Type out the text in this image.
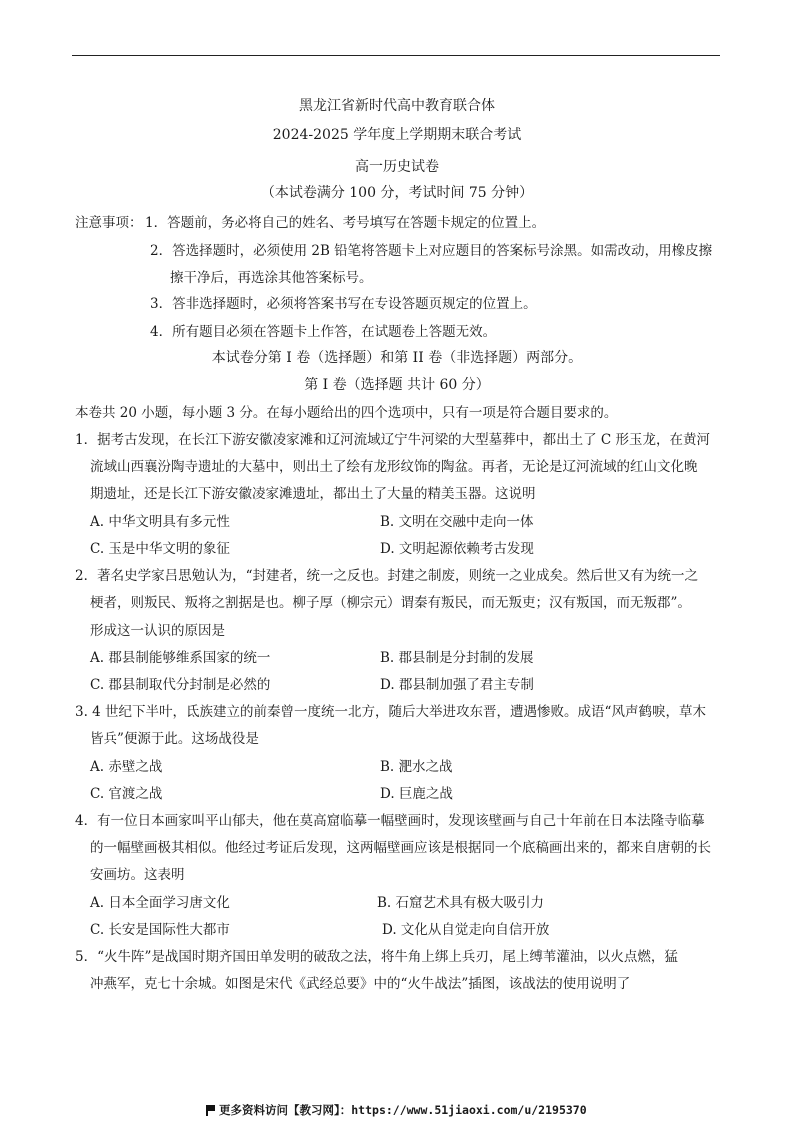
黑龙江省新时代高中教育联合体
2024-2025 学年度上学期期末联合考试
高一历史试卷
（本试卷满分 100 分，考试时间 75 分钟）
注意事项： 1．答题前，务必将自己的姓名、考号填写在答题卡规定的位置上。
2．答选择题时，必须使用 2B 铅笔将答题卡上对应题目的答案标号涂黑。如需改动，用橡皮擦
擦干净后，再选涂其他答案标号。
3．答非选择题时，必须将答案书写在专设答题页规定的位置上。
4．所有题目必须在答题卡上作答，在试题卷上答题无效。
本试卷分第 I 卷（选择题）和第 II 卷（非选择题）两部分。
第 I 卷（选择题 共计 60 分）
本卷共 20 小题，每小题 3 分。在每小题给出的四个选项中，只有一项是符合题目要求的。
1．据考古发现，在长江下游安徽凌家滩和辽河流域辽宁牛河梁的大型墓葬中，都出土了 C 形玉龙，在黄河
流域山西襄汾陶寺遗址的大墓中，则出土了绘有龙形纹饰的陶盆。再者，无论是辽河流域的红山文化晚
期遗址，还是长江下游安徽凌家滩遗址，都出土了大量的精美玉器。这说明
A. 中华文明具有多元性	B. 文明在交融中走向一体
C. 玉是中华文明的象征	D. 文明起源依赖考古发现
2．著名史学家吕思勉认为，“封建者，统一之反也。封建之制废，则统一之业成矣。然后世又有为统一之
梗者，则叛民、叛将之割据是也。柳子厚（柳宗元）谓秦有叛民，而无叛吏；汉有叛国，而无叛郡”。
形成这一认识的原因是
A. 郡县制能够维系国家的统一	B. 郡县制是分封制的发展
C. 郡县制取代分封制是必然的	D. 郡县制加强了君主专制
3. 4 世纪下半叶，氐族建立的前秦曾一度统一北方，随后大举进攻东晋，遭遇惨败。成语“风声鹤唳，草木
皆兵”便源于此。这场战役是
A. 赤壁之战	B. 淝水之战
C. 官渡之战	D. 巨鹿之战
4．有一位日本画家叫平山郁夫，他在莫高窟临摹一幅壁画时，发现该壁画与自己十年前在日本法隆寺临摹
的一幅壁画极其相似。他经过考证后发现，这两幅壁画应该是根据同一个底稿画出来的，都来自唐朝的长
安画坊。这表明
A. 日本全面学习唐文化	B. 石窟艺术具有极大吸引力
C. 长安是国际性大都市	D. 文化从自觉走向自信开放
5．“火牛阵”是战国时期齐国田单发明的破敌之法，将牛角上绑上兵刃，尾上缚苇灌油，以火点燃，猛
冲燕军，克七十余城。如图是宋代《武经总要》中的“火牛战法”插图，该战法的使用说明了
更多资料访问【教习网】：https://www.51jiaoxi.com/u/2195370
